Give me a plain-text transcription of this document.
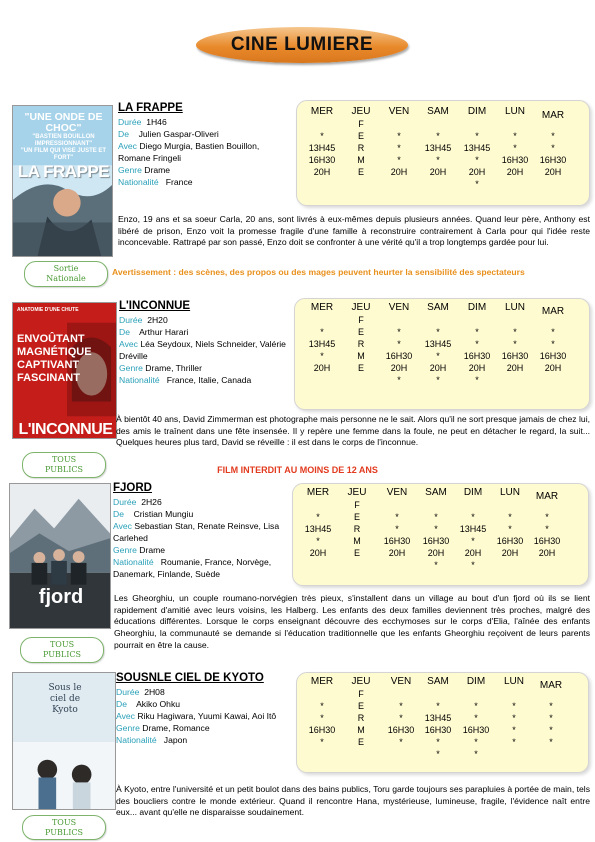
CINE LUMIERE
"UNE ONDE DE CHOC"
"BASTIEN BOUILLON IMPRESSIONNANT"
"UN FILM QUI VISE JUSTE ET FORT"
LA FRAPPE
LA FRAPPE
Durée 1H46
De Julien Gaspar-Oliveri
Avec Diego Murgia, Bastien Bouillon, Romane Fringeli
Genre Drame
Nationalité France
Enzo, 19 ans et sa soeur Carla, 20 ans, sont livrés à eux-mêmes depuis plusieurs années. Quand leur père, Anthony est libéré de prison, Enzo voit la promesse fragile d'une famille à reconstruire contrairement à Carla pour qui l'idée reste inconcevable. Rattrapé par son passé, Enzo doit se confronter à une vérité qu'il a trop longtemps gardée pour lui.
Sortie
Nationale
Avertissement : des scènes, des propos ou des mages peuvent heurter la sensibilité des spectateurs
MER
*
13H45
16H30
20H
JEU
F
E
R
M
E
VEN
*
*
*
20H
SAM
*
13H45
*
20H
DIM
*
13H45
*
20H
*
LUN
*
*
16H30
20H
MAR
*
*
16H30
20H
ANATOMIE D'UNE CHUTE
ENVOÛTANT
MAGNÉTIQUE
CAPTIVANT
FASCINANT
L'INCONNUE
L'INCONNUE
Durée 2H20
De Arthur Harari
Avec Léa Seydoux, Niels Schneider, Valérie Dréville
Genre Drame, Thriller
Nationalité France, Italie, Canada
À bientôt 40 ans, David Zimmerman est photographe mais personne ne le sait. Alors qu'il ne sort presque jamais de chez lui, des amis le traînent dans une fête insensée. Il y repère une femme dans la foule, ne peut en détacher le regard, la suit... Quelques heures plus tard, David se réveille : il est dans le corps de l'inconnue.
TOUS
PUBLICS	FILM INTERDIT AU MOINS DE 12 ANS
MER
*
13H45
*
20H
JEU
F
E
R
M
E
VEN
*
*
16H30
20H
*
SAM
*
13H45
*
20H
*
DIM
*
*
16H30
20H
*
LUN
*
*
16H30
20H
MAR
*
*
16H30
20H
fjord
FJORD
Durée 2H26
De Cristian Mungiu
Avec Sebastian Stan, Renate Reinsve, Lisa Carlehed
Genre Drame
Nationalité Roumanie, France, Norvège, Danemark, Finlande, Suède
Les Gheorghiu, un couple roumano-norvégien très pieux, s'installent dans un village au bout d'un fjord où ils se lient rapidement d'amitié avec leurs voisins, les Halberg. Les enfants des deux familles deviennent très proches, malgré des éducations différentes. Lorsque le corps enseignant découvre des ecchymoses sur le corps d'Elia, l'aînée des enfants Gheorghiu, la communauté se demande si l'éducation traditionnelle que les enfants Gheorghiu reçoivent de leurs parents pourrait en être la cause.
TOUS
PUBLICS
MER
*
13H45
*
20H
JEU
F
E
R
M
E
VEN
*
*
16H30
20H
SAM
*
*
16H30
20H
*
DIM
*
13H45
*
20H
*
LUN
*
*
16H30
20H
MAR
*
*
16H30
20H
Sous le ciel de Kyoto
SOUSNLE CIEL DE KYOTO
Durée 2H08
De Akiko Ohku
Avec Riku Hagiwara, Yuumi Kawai, Aoi Itô
Genre Drame, Romance
Nationalité Japon
À Kyoto, entre l'université et un petit boulot dans des bains publics, Toru garde toujours ses parapluies à portée de main, tels des boucliers contre le monde extérieur. Quand il rencontre Hana, mystérieuse, lumineuse, fragile, l'évidence naît entre eux... avant qu'elle ne disparaisse soudainement.
TOUS
PUBLICS
MER
*
*
16H30
*
JEU
F
E
R
M
E
VEN
*
*
16H30
*
SAM
*
13H45
16H30
*
*
DIM
*
*
16H30
*
*
LUN
*
*
*
*
MAR
*
*
*
*
